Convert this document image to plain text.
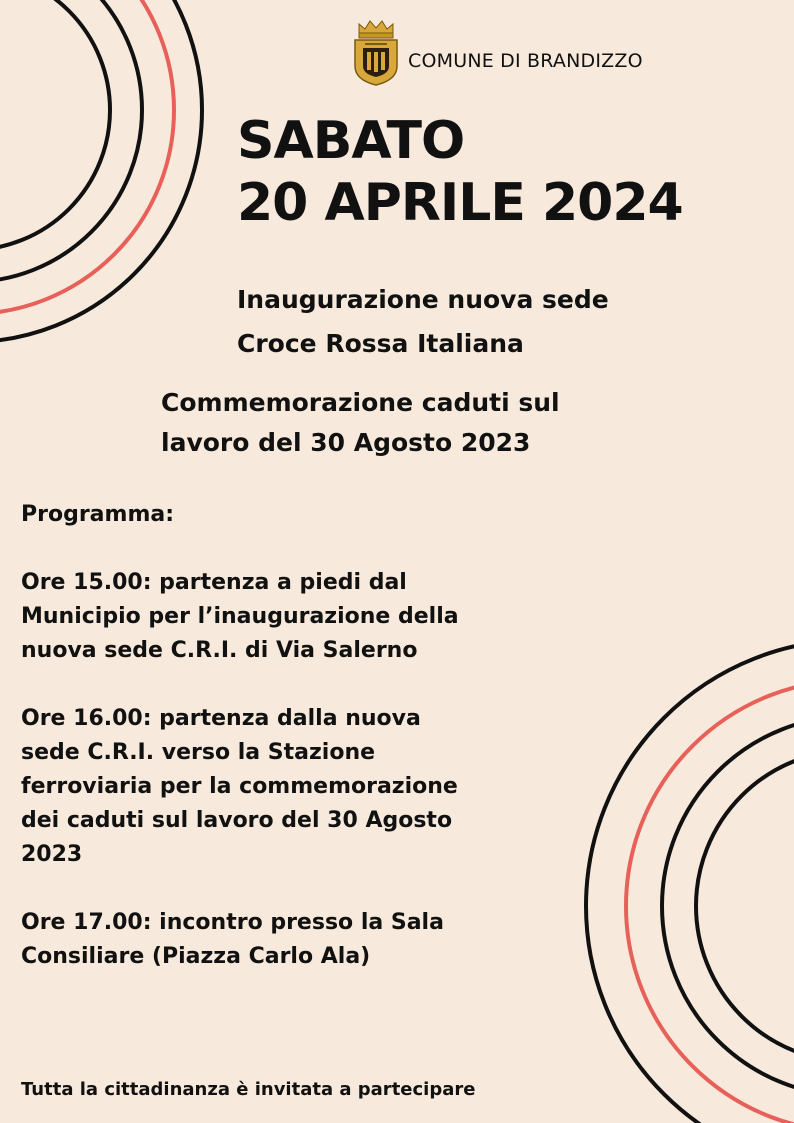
COMUNE DI BRANDIZZO
SABATO
20 APRILE 2024
Inaugurazione nuova sede
Croce Rossa Italiana
Commemorazione caduti sul
lavoro del 30 Agosto 2023
Programma:
Ore 15.00: partenza a piedi dal
Municipio per l’inaugurazione della
nuova sede C.R.I. di Via Salerno
Ore 16.00: partenza dalla nuova
sede C.R.I. verso la Stazione
ferroviaria per la commemorazione
dei caduti sul lavoro del 30 Agosto
2023
Ore 17.00: incontro presso la Sala
Consiliare (Piazza Carlo Ala)
Tutta la cittadinanza è invitata a partecipare
